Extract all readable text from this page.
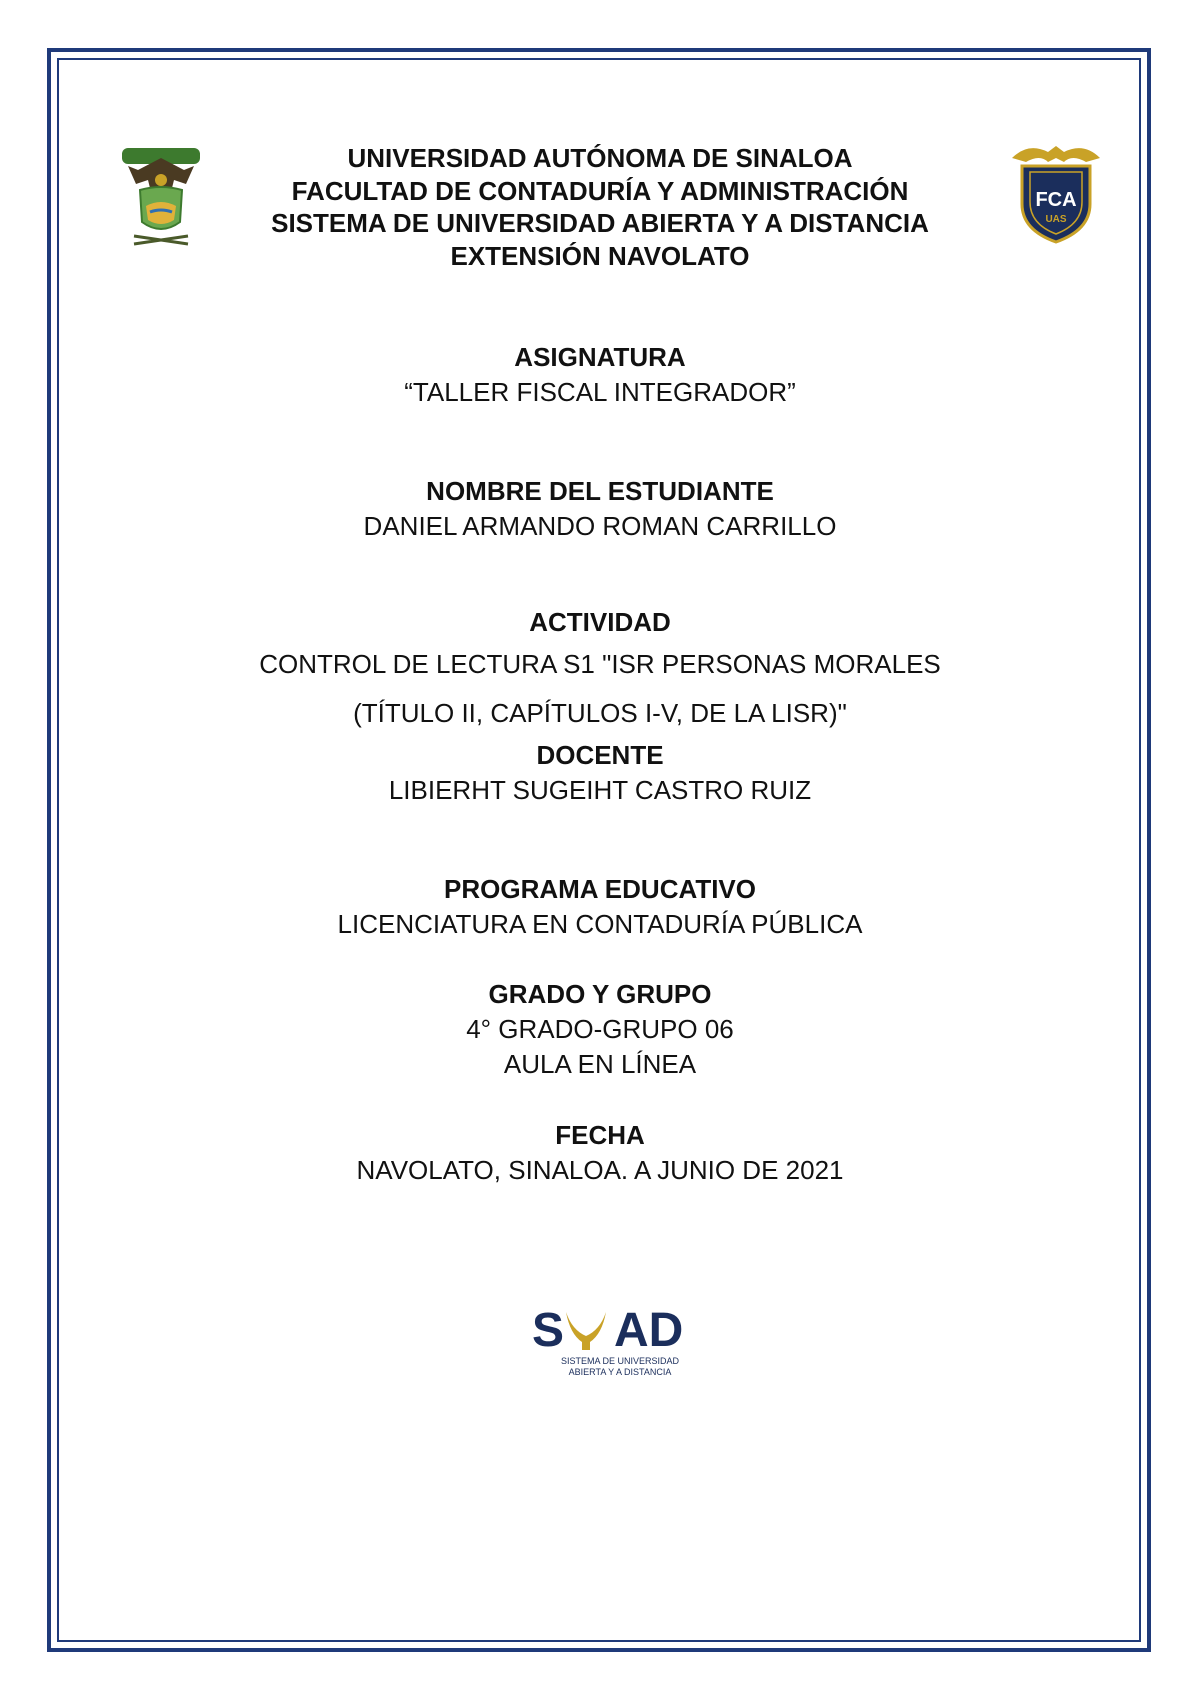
FCA
UAS
UNIVERSIDAD AUTÓNOMA DE SINALOA
FACULTAD DE CONTADURÍA Y ADMINISTRACIÓN
SISTEMA DE UNIVERSIDAD ABIERTA Y A DISTANCIA
EXTENSIÓN NAVOLATO
ASIGNATURA
“TALLER FISCAL INTEGRADOR”
NOMBRE DEL ESTUDIANTE
DANIEL ARMANDO ROMAN CARRILLO
ACTIVIDAD
CONTROL DE LECTURA S1 "ISR PERSONAS MORALES
(TÍTULO II, CAPÍTULOS I-V, DE LA LISR)"
DOCENTE
LIBIERHT SUGEIHT CASTRO RUIZ
PROGRAMA EDUCATIVO
LICENCIATURA EN CONTADURÍA PÚBLICA
GRADO Y GRUPO
4° GRADO-GRUPO 06
AULA EN LÍNEA
FECHA
NAVOLATO, SINALOA. A JUNIO DE 2021
S AD
SISTEMA DE UNIVERSIDAD
ABIERTA Y A DISTANCIA
